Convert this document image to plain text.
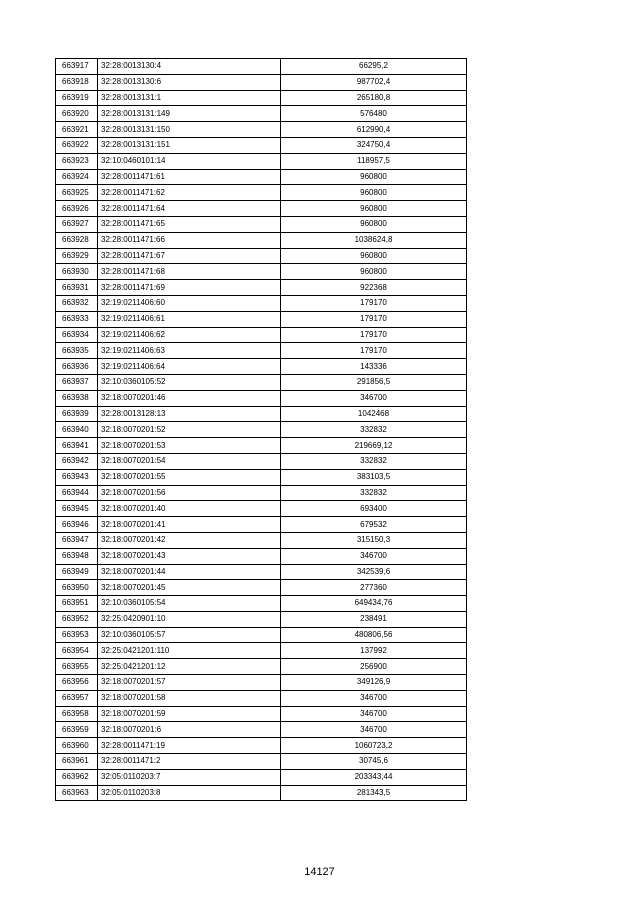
663917	32:28:0013130:4	66295,2
663918	32:28:0013130:6	987702,4
663919	32:28:0013131:1	265180,8
663920	32:28:0013131:149	576480
663921	32:28:0013131:150	612990,4
663922	32:28:0013131:151	324750,4
663923	32:10:0460101:14	118957,5
663924	32:28:0011471:61	960800
663925	32:28:0011471:62	960800
663926	32:28:0011471:64	960800
663927	32:28:0011471:65	960800
663928	32:28:0011471:66	1038624,8
663929	32:28:0011471:67	960800
663930	32:28:0011471:68	960800
663931	32:28:0011471:69	922368
663932	32:19:0211406:60	179170
663933	32:19:0211406:61	179170
663934	32:19:0211406:62	179170
663935	32:19:0211406:63	179170
663936	32:19:0211406:64	143336
663937	32:10:0360105:52	291856,5
663938	32:18:0070201:46	346700
663939	32:28:0013128:13	1042468
663940	32:18:0070201:52	332832
663941	32:18:0070201:53	219669,12
663942	32:18:0070201:54	332832
663943	32:18:0070201:55	383103,5
663944	32:18:0070201:56	332832
663945	32:18:0070201:40	693400
663946	32:18:0070201:41	679532
663947	32:18:0070201:42	315150,3
663948	32:18:0070201:43	346700
663949	32:18:0070201:44	342539,6
663950	32:18:0070201:45	277360
663951	32:10:0360105:54	649434,76
663952	32:25:0420901:10	238491
663953	32:10:0360105:57	480806,56
663954	32:25:0421201:110	137992
663955	32:25:0421201:12	256900
663956	32:18:0070201:57	349126,9
663957	32:18:0070201:58	346700
663958	32:18:0070201:59	346700
663959	32:18:0070201:6	346700
663960	32:28:0011471:19	1060723,2
663961	32:28:0011471:2	30745,6
663962	32:05:0110203:7	203343,44
663963	32:05:0110203:8	281343,5
14127
